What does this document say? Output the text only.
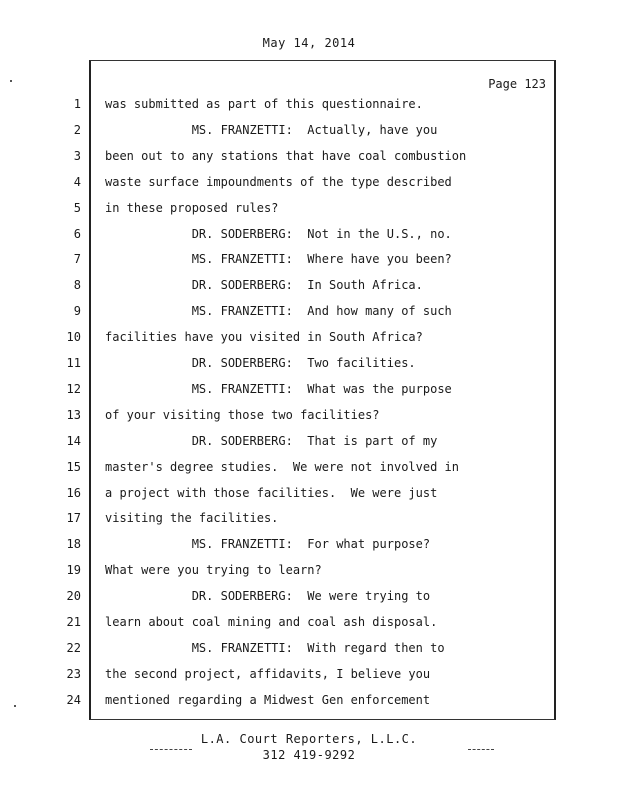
May 14, 2014
Page 123
1 was submitted as part of this questionnaire.
2 MS. FRANZETTI:  Actually, have you
3 been out to any stations that have coal combustion
4 waste surface impoundments of the type described
5 in these proposed rules?
6 DR. SODERBERG:  Not in the U.S., no.
7 MS. FRANZETTI:  Where have you been?
8 DR. SODERBERG:  In South Africa.
9 MS. FRANZETTI:  And how many of such
10 facilities have you visited in South Africa?
11 DR. SODERBERG:  Two facilities.
12 MS. FRANZETTI:  What was the purpose
13 of your visiting those two facilities?
14 DR. SODERBERG:  That is part of my
15 master's degree studies.  We were not involved in
16 a project with those facilities.  We were just
17 visiting the facilities.
18 MS. FRANZETTI:  For what purpose?
19 What were you trying to learn?
20 DR. SODERBERG:  We were trying to
21 learn about coal mining and coal ash disposal.
22 MS. FRANZETTI:  With regard then to
23 the second project, affidavits, I believe you
24 mentioned regarding a Midwest Gen enforcement
L.A. Court Reporters, L.L.C.
312 419-9292
